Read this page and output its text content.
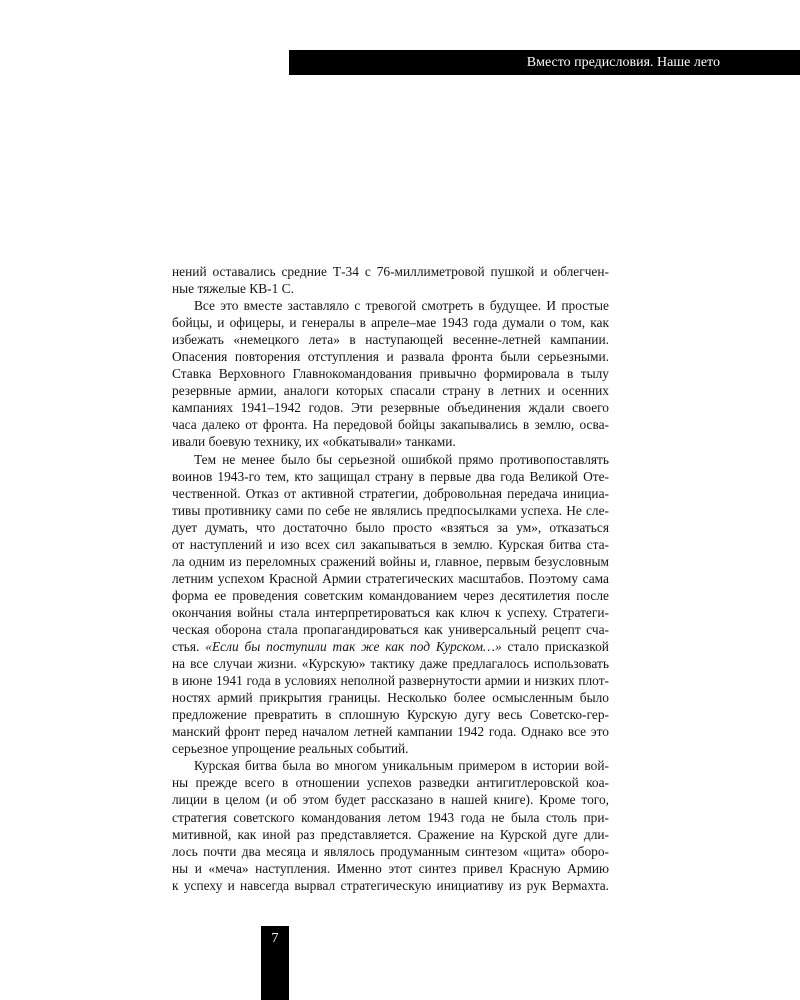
Вместо предисловия. Наше лето
нений оставались средние Т-34 с 76-миллиметровой пушкой и облегчен-
ные тяжелые КВ-1 С.
Все это вместе заставляло с тревогой смотреть в будущее. И простые
бойцы, и офицеры, и генералы в апреле–мае 1943 года думали о том, как
избежать «немецкого лета» в наступающей весенне-летней кампании.
Опасения повторения отступления и развала фронта были серьезными.
Ставка Верховного Главнокомандования привычно формировала в тылу
резервные армии, аналоги которых спасали страну в летних и осенних
кампаниях 1941–1942 годов. Эти резервные объединения ждали своего
часа далеко от фронта. На передовой бойцы закапывались в землю, осва-
ивали боевую технику, их «обкатывали» танками.
Тем не менее было бы серьезной ошибкой прямо противопоставлять
воинов 1943-го тем, кто защищал страну в первые два года Великой Оте-
чественной. Отказ от активной стратегии, добровольная передача инициа-
тивы противнику сами по себе не являлись предпосылками успеха. Не сле-
дует думать, что достаточно было просто «взяться за ум», отказаться
от наступлений и изо всех сил закапываться в землю. Курская битва ста-
ла одним из переломных сражений войны и, главное, первым безусловным
летним успехом Красной Армии стратегических масштабов. Поэтому сама
форма ее проведения советским командованием через десятилетия после
окончания войны стала интерпретироваться как ключ к успеху. Стратеги-
ческая оборона стала пропагандироваться как универсальный рецепт сча-
стья. «Если бы поступили так же как под Курском…» стало присказкой
на все случаи жизни. «Курскую» тактику даже предлагалось использовать
в июне 1941 года в условиях неполной развернутости армии и низких плот-
ностях армий прикрытия границы. Несколько более осмысленным было
предложение превратить в сплошную Курскую дугу весь Советско-гер-
манский фронт перед началом летней кампании 1942 года. Однако все это
серьезное упрощение реальных событий.
Курская битва была во многом уникальным примером в истории вой-
ны прежде всего в отношении успехов разведки антигитлеровской коа-
лиции в целом (и об этом будет рассказано в нашей книге). Кроме того,
стратегия советского командования летом 1943 года не была столь при-
митивной, как иной раз представляется. Сражение на Курской дуге дли-
лось почти два месяца и являлось продуманным синтезом «щита» оборо-
ны и «меча» наступления. Именно этот синтез привел Красную Армию
к успеху и навсегда вырвал стратегическую инициативу из рук Вермахта.
7
